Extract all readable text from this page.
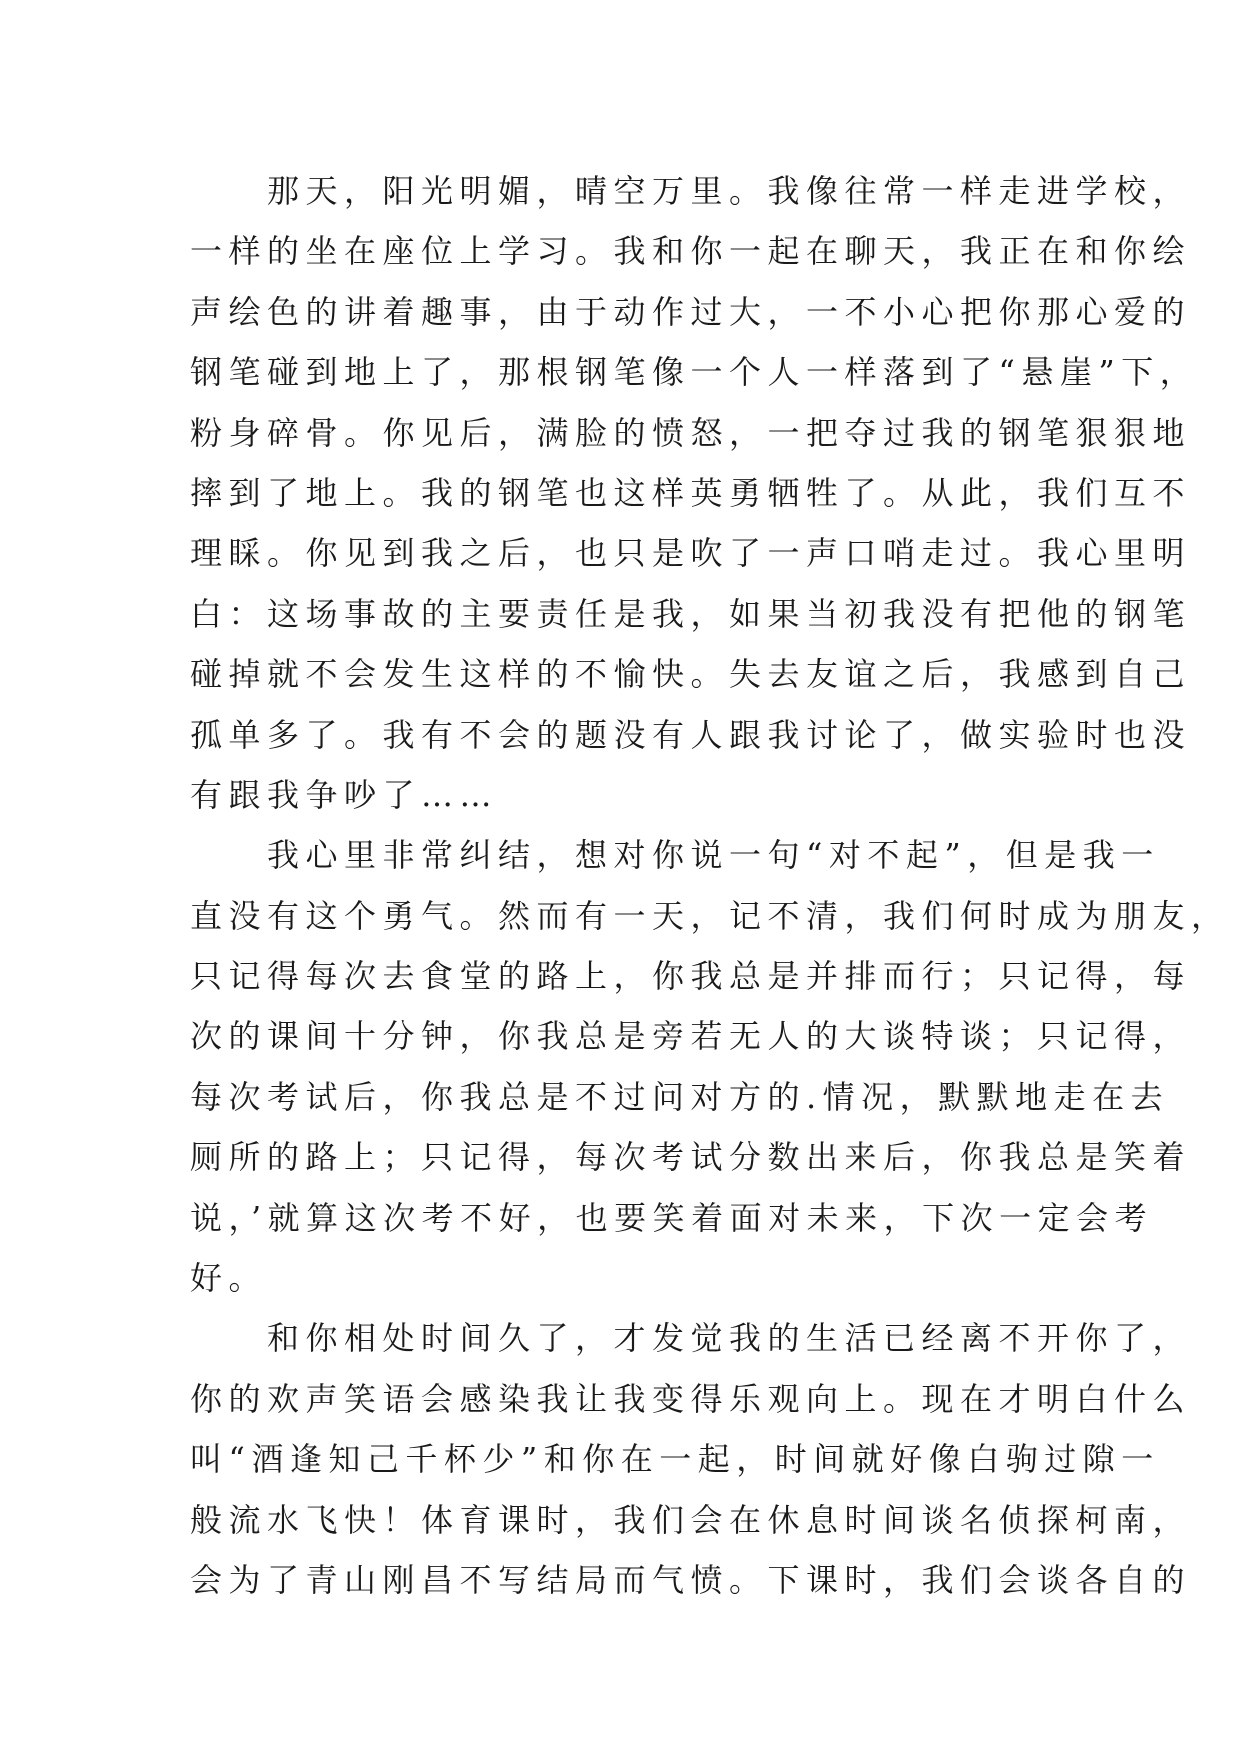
那天，阳光明媚，晴空万里。我像往常一样走进学校，
一样的坐在座位上学习。我和你一起在聊天，我正在和你绘
声绘色的讲着趣事，由于动作过大，一不小心把你那心爱的
钢笔碰到地上了，那根钢笔像一个人一样落到了“悬崖”下，
粉身碎骨。你见后，满脸的愤怒，一把夺过我的钢笔狠狠地
摔到了地上。我的钢笔也这样英勇牺牲了。从此，我们互不
理睬。你见到我之后，也只是吹了一声口哨走过。我心里明
白：这场事故的主要责任是我，如果当初我没有把他的钢笔
碰掉就不会发生这样的不愉快。失去友谊之后，我感到自己
孤单多了。我有不会的题没有人跟我讨论了，做实验时也没
有跟我争吵了……
我心里非常纠结，想对你说一句“对不起”，但是我一
直没有这个勇气。然而有一天，记不清，我们何时成为朋友，
只记得每次去食堂的路上，你我总是并排而行；只记得，每
次的课间十分钟，你我总是旁若无人的大谈特谈；只记得，
每次考试后，你我总是不过问对方的.情况，默默地走在去
厕所的路上；只记得，每次考试分数出来后，你我总是笑着
说，’就算这次考不好，也要笑着面对未来，下次一定会考
好。
和你相处时间久了，才发觉我的生活已经离不开你了，
你的欢声笑语会感染我让我变得乐观向上。现在才明白什么
叫“酒逢知己千杯少”和你在一起，时间就好像白驹过隙一
般流水飞快！体育课时，我们会在休息时间谈名侦探柯南，
会为了青山刚昌不写结局而气愤。下课时，我们会谈各自的
